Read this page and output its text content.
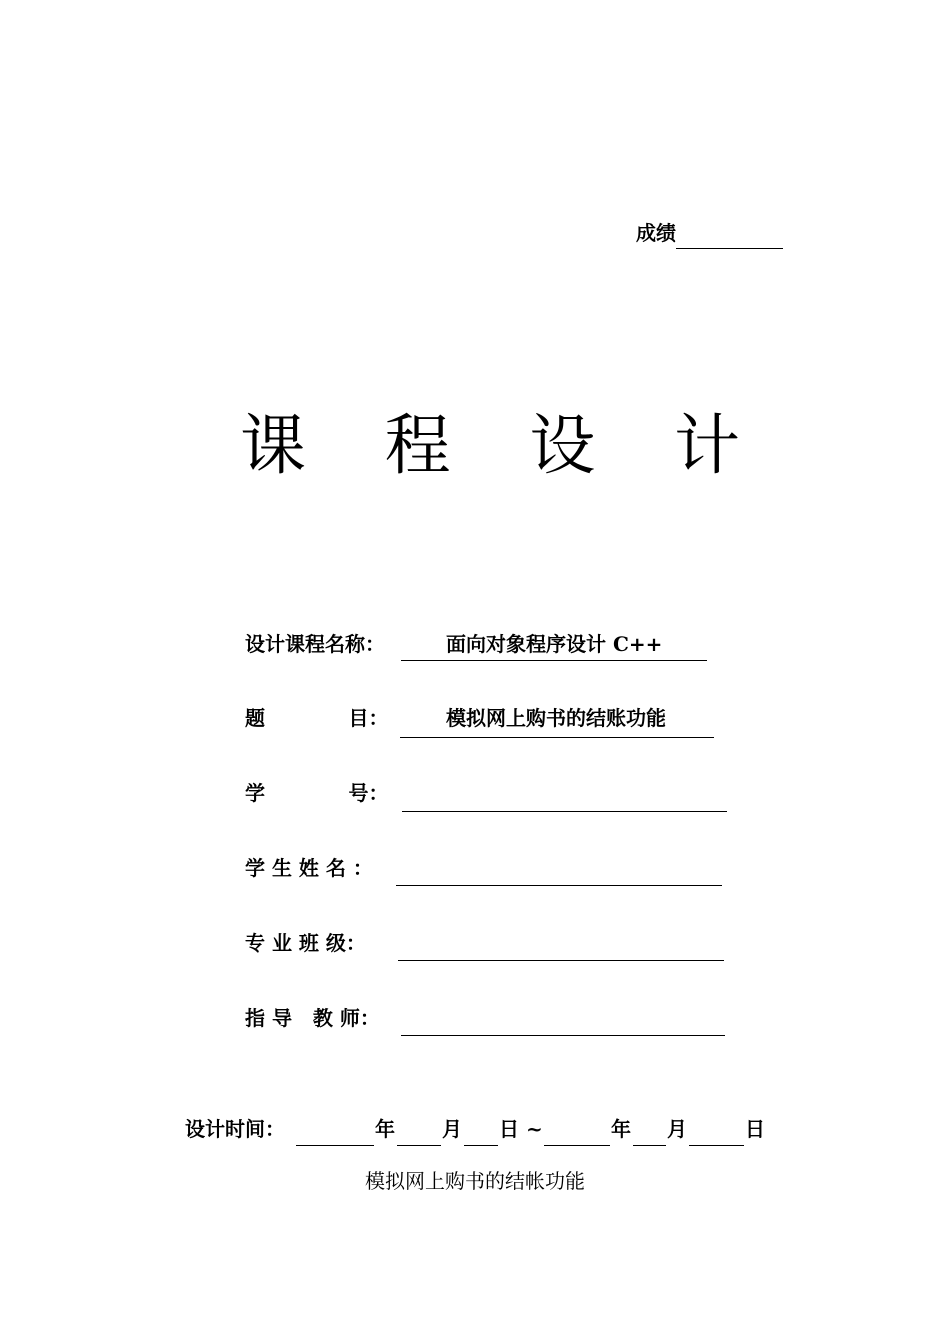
成绩
课 程 设 计
设计课程名称：	面向对象程序设计 C++
题            目：	模拟网上购书的结账功能
学            号：
学 生 姓 名 ：
专 业 班 级：
指 导   教 师：
设计时间：	年 月 日 ~	年 月	日
模拟网上购书的结帐功能
